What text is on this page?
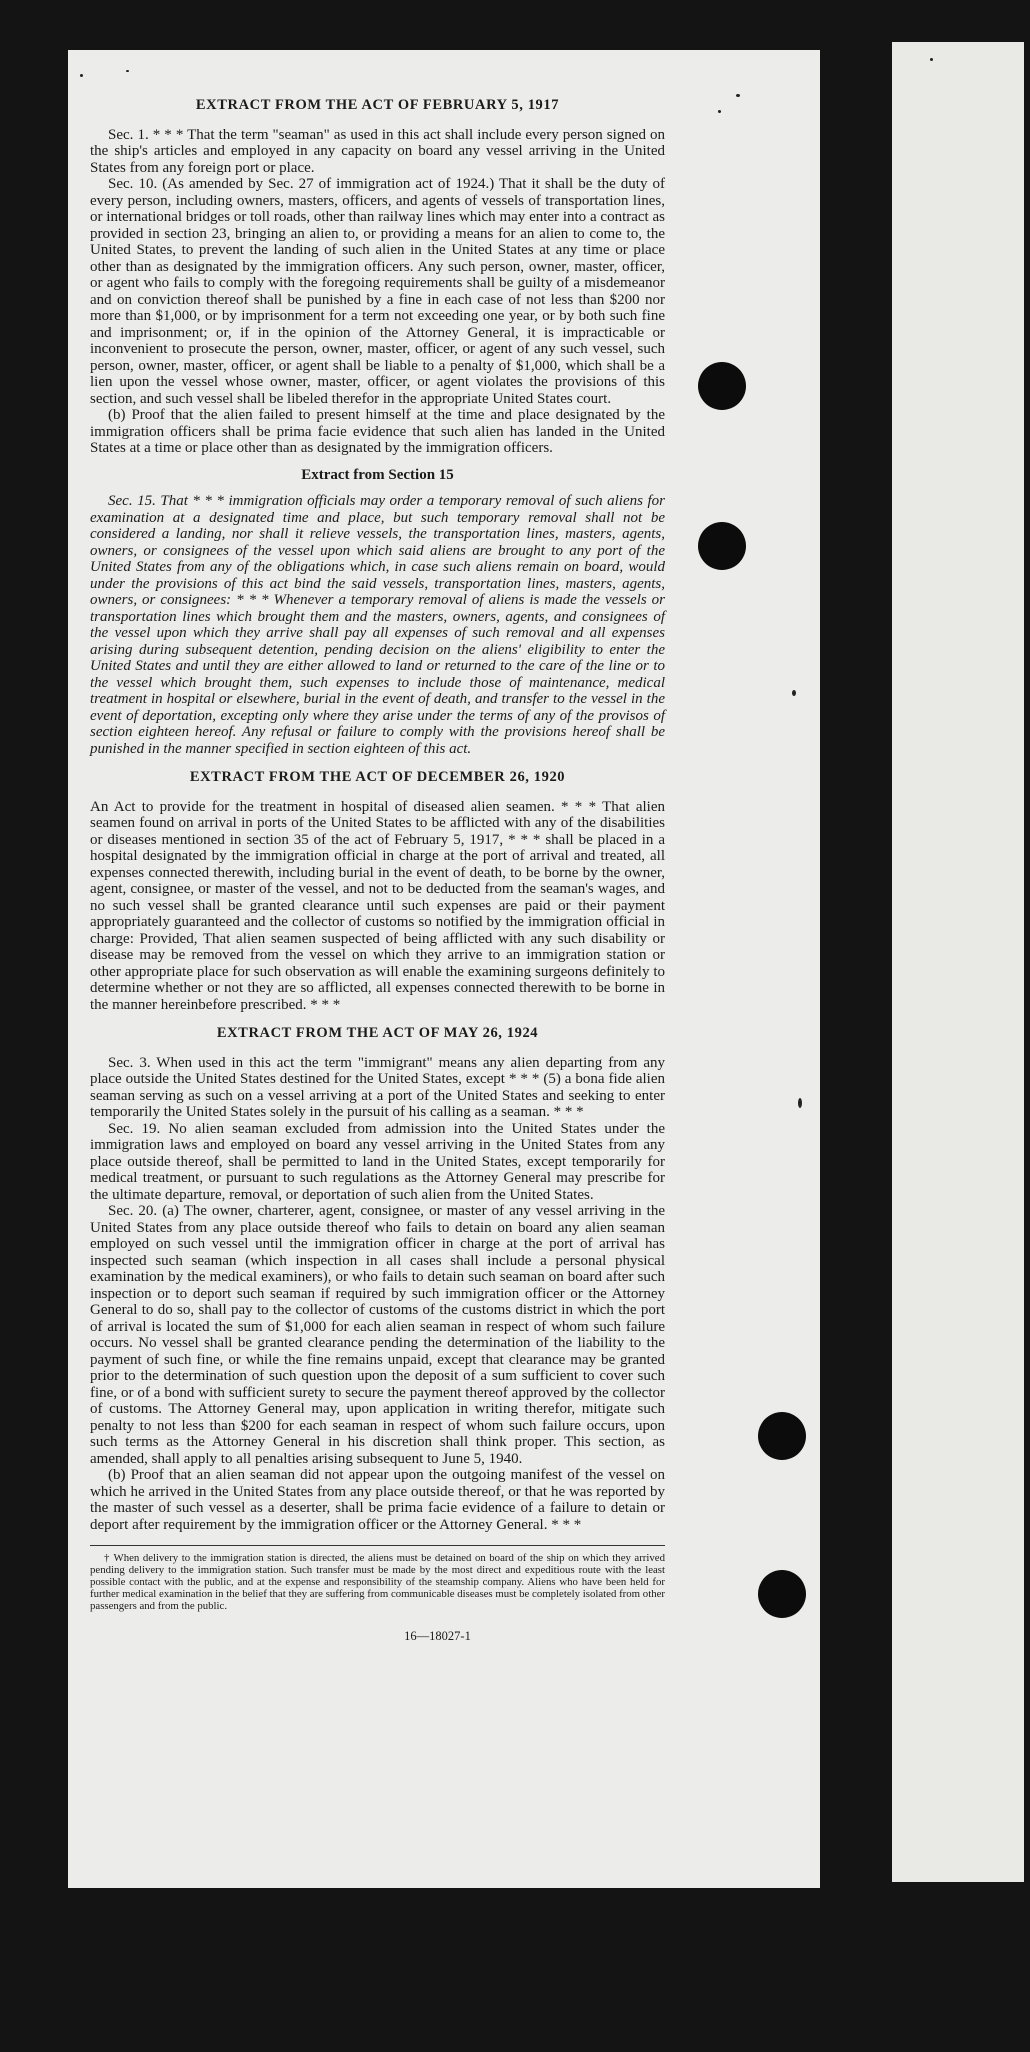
EXTRACT FROM THE ACT OF FEBRUARY 5, 1917

Sec. 1. * * * That the term "seaman" as used in this act shall include every person signed on the ship's articles and employed in any capacity on board any vessel arriving in the United States from any foreign port or place.

Sec. 10. (As amended by Sec. 27 of immigration act of 1924.) That it shall be the duty of every person, including owners, masters, officers, and agents of vessels of transportation lines, or international bridges or toll roads, other than railway lines which may enter into a contract as provided in section 23, bringing an alien to, or providing a means for an alien to come to, the United States, to prevent the landing of such alien in the United States at any time or place other than as designated by the immigration officers. Any such person, owner, master, officer, or agent who fails to comply with the foregoing requirements shall be guilty of a misdemeanor and on conviction thereof shall be punished by a fine in each case of not less than $200 nor more than $1,000, or by imprisonment for a term not exceeding one year, or by both such fine and imprisonment; or, if in the opinion of the Attorney General, it is impracticable or inconvenient to prosecute the person, owner, master, officer, or agent of any such vessel, such person, owner, master, officer, or agent shall be liable to a penalty of $1,000, which shall be a lien upon the vessel whose owner, master, officer, or agent violates the provisions of this section, and such vessel shall be libeled therefor in the appropriate United States court.

(b) Proof that the alien failed to present himself at the time and place designated by the immigration officers shall be prima facie evidence that such alien has landed in the United States at a time or place other than as designated by the immigration officers.

Extract from Section 15

Sec. 15. That * * * immigration officials may order a temporary removal of such aliens for examination at a designated time and place, but such temporary removal shall not be considered a landing, nor shall it relieve vessels, the transportation lines, masters, agents, owners, or consignees of the vessel upon which said aliens are brought to any port of the United States from any of the obligations which, in case such aliens remain on board, would under the provisions of this act bind the said vessels, transportation lines, masters, agents, owners, or consignees: * * * Whenever a temporary removal of aliens is made the vessels or transportation lines which brought them and the masters, owners, agents, and consignees of the vessel upon which they arrive shall pay all expenses of such removal and all expenses arising during subsequent detention, pending decision on the aliens' eligibility to enter the United States and until they are either allowed to land or returned to the care of the line or to the vessel which brought them, such expenses to include those of maintenance, medical treatment in hospital or elsewhere, burial in the event of death, and transfer to the vessel in the event of deportation, excepting only where they arise under the terms of any of the provisos of section eighteen hereof. Any refusal or failure to comply with the provisions hereof shall be punished in the manner specified in section eighteen of this act.

EXTRACT FROM THE ACT OF DECEMBER 26, 1920

An Act to provide for the treatment in hospital of diseased alien seamen. * * * That alien seamen found on arrival in ports of the United States to be afflicted with any of the disabilities or diseases mentioned in section 35 of the act of February 5, 1917, * * * shall be placed in a hospital designated by the immigration official in charge at the port of arrival and treated, all expenses connected therewith, including burial in the event of death, to be borne by the owner, agent, consignee, or master of the vessel, and not to be deducted from the seaman's wages, and no such vessel shall be granted clearance until such expenses are paid or their payment appropriately guaranteed and the collector of customs so notified by the immigration official in charge: Provided, That alien seamen suspected of being afflicted with any such disability or disease may be removed from the vessel on which they arrive to an immigration station or other appropriate place for such observation as will enable the examining surgeons definitely to determine whether or not they are so afflicted, all expenses connected therewith to be borne in the manner hereinbefore prescribed. * * *

EXTRACT FROM THE ACT OF MAY 26, 1924

Sec. 3. When used in this act the term "immigrant" means any alien departing from any place outside the United States destined for the United States, except * * * (5) a bona fide alien seaman serving as such on a vessel arriving at a port of the United States and seeking to enter temporarily the United States solely in the pursuit of his calling as a seaman. * * *

Sec. 19. No alien seaman excluded from admission into the United States under the immigration laws and employed on board any vessel arriving in the United States from any place outside thereof, shall be permitted to land in the United States, except temporarily for medical treatment, or pursuant to such regulations as the Attorney General may prescribe for the ultimate departure, removal, or deportation of such alien from the United States.

Sec. 20. (a) The owner, charterer, agent, consignee, or master of any vessel arriving in the United States from any place outside thereof who fails to detain on board any alien seaman employed on such vessel until the immigration officer in charge at the port of arrival has inspected such seaman (which inspection in all cases shall include a personal physical examination by the medical examiners), or who fails to detain such seaman on board after such inspection or to deport such seaman if required by such immigration officer or the Attorney General to do so, shall pay to the collector of customs of the customs district in which the port of arrival is located the sum of $1,000 for each alien seaman in respect of whom such failure occurs. No vessel shall be granted clearance pending the determination of the liability to the payment of such fine, or while the fine remains unpaid, except that clearance may be granted prior to the determination of such question upon the deposit of a sum sufficient to cover such fine, or of a bond with sufficient surety to secure the payment thereof approved by the collector of customs. The Attorney General may, upon application in writing therefor, mitigate such penalty to not less than $200 for each seaman in respect of whom such failure occurs, upon such terms as the Attorney General in his discretion shall think proper. This section, as amended, shall apply to all penalties arising subsequent to June 5, 1940.

(b) Proof that an alien seaman did not appear upon the outgoing manifest of the vessel on which he arrived in the United States from any place outside thereof, or that he was reported by the master of such vessel as a deserter, shall be prima facie evidence of a failure to detain or deport after requirement by the immigration officer or the Attorney General. * * *

† When delivery to the immigration station is directed, the aliens must be detained on board of the ship on which they arrived pending delivery to the immigration station. Such transfer must be made by the most direct and expeditious route with the least possible contact with the public, and at the expense and responsibility of the steamship company. Aliens who have been held for further medical examination in the belief that they are suffering from communicable diseases must be completely isolated from other passengers and from the public.

16—18027-1
